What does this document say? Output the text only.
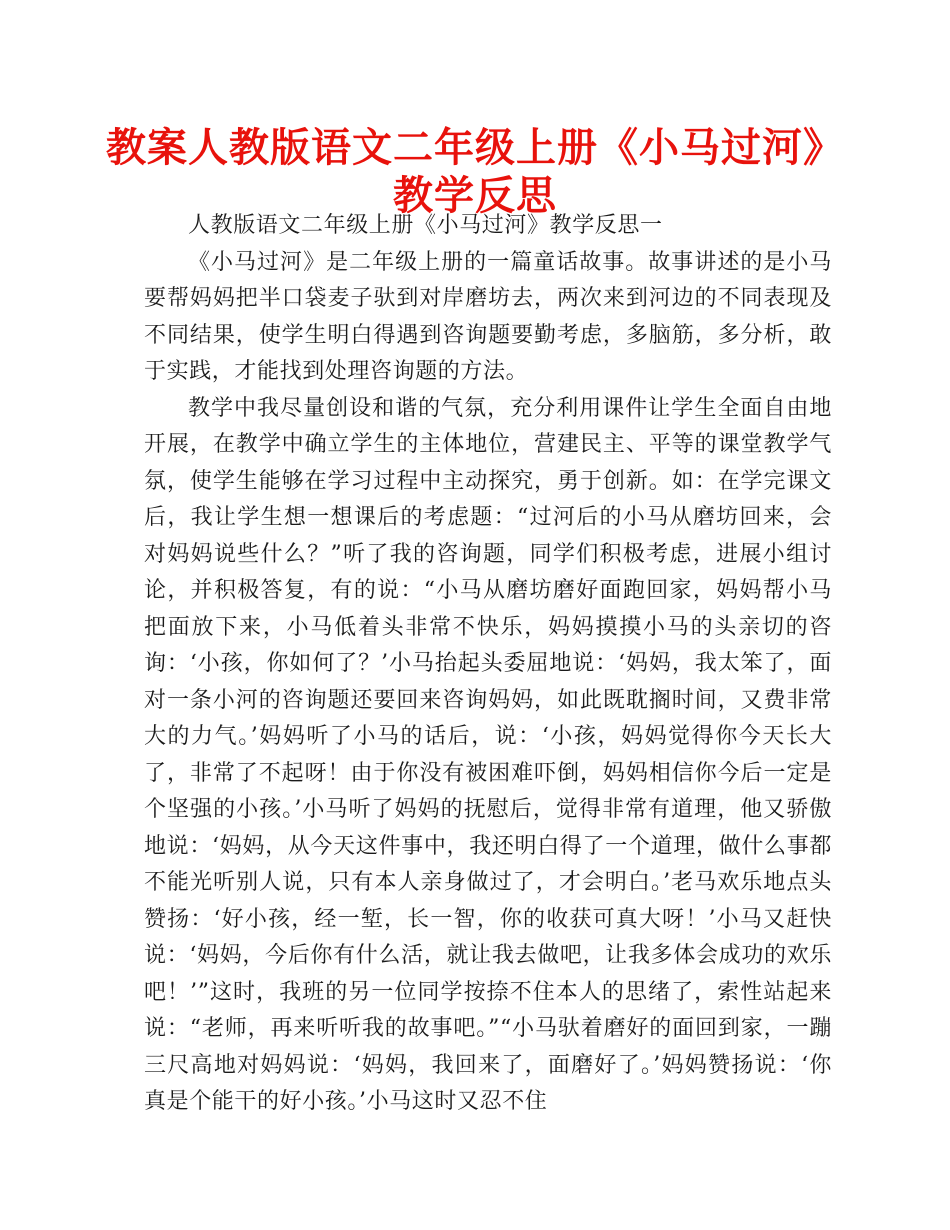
教案人教版语文二年级上册《小马过河》
教学反思

人教版语文二年级上册《小马过河》教学反思一

《小马过河》是二年级上册的一篇童话故事。故事讲述的是小马要帮妈妈把半口袋麦子驮到对岸磨坊去，两次来到河边的不同表现及不同结果，使学生明白得遇到咨询题要勤考虑，多脑筋，多分析，敢于实践，才能找到处理咨询题的方法。

教学中我尽量创设和谐的气氛，充分利用课件让学生全面自由地开展，在教学中确立学生的主体地位，营建民主、平等的课堂教学气氛，使学生能够在学习过程中主动探究，勇于创新。如：在学完课文后，我让学生想一想课后的考虑题：“过河后的小马从磨坊回来，会对妈妈说些什么？”听了我的咨询题，同学们积极考虑，进展小组讨论，并积极答复，有的说：“小马从磨坊磨好面跑回家，妈妈帮小马把面放下来，小马低着头非常不快乐，妈妈摸摸小马的头亲切的咨询：‘小孩，你如何了？’小马抬起头委屈地说：‘妈妈，我太笨了，面对一条小河的咨询题还要回来咨询妈妈，如此既耽搁时间，又费非常大的力气。’妈妈听了小马的话后，说：‘小孩，妈妈觉得你今天长大了，非常了不起呀！由于你没有被困难吓倒，妈妈相信你今后一定是个坚强的小孩。’小马听了妈妈的抚慰后，觉得非常有道理，他又骄傲地说：‘妈妈，从今天这件事中，我还明白得了一个道理，做什么事都不能光听别人说，只有本人亲身做过了，才会明白。’老马欢乐地点头赞扬：‘好小孩，经一堑，长一智，你的收获可真大呀！’小马又赶快说：‘妈妈，今后你有什么活，就让我去做吧，让我多体会成功的欢乐吧！’”这时，我班的另一位同学按捺不住本人的思绪了，索性站起来说：“老师，再来听听我的故事吧。”“小马驮着磨好的面回到家，一蹦三尺高地对妈妈说：‘妈妈，我回来了，面磨好了。’妈妈赞扬说：‘你真是个能干的好小孩。’小马这时又忍不住
